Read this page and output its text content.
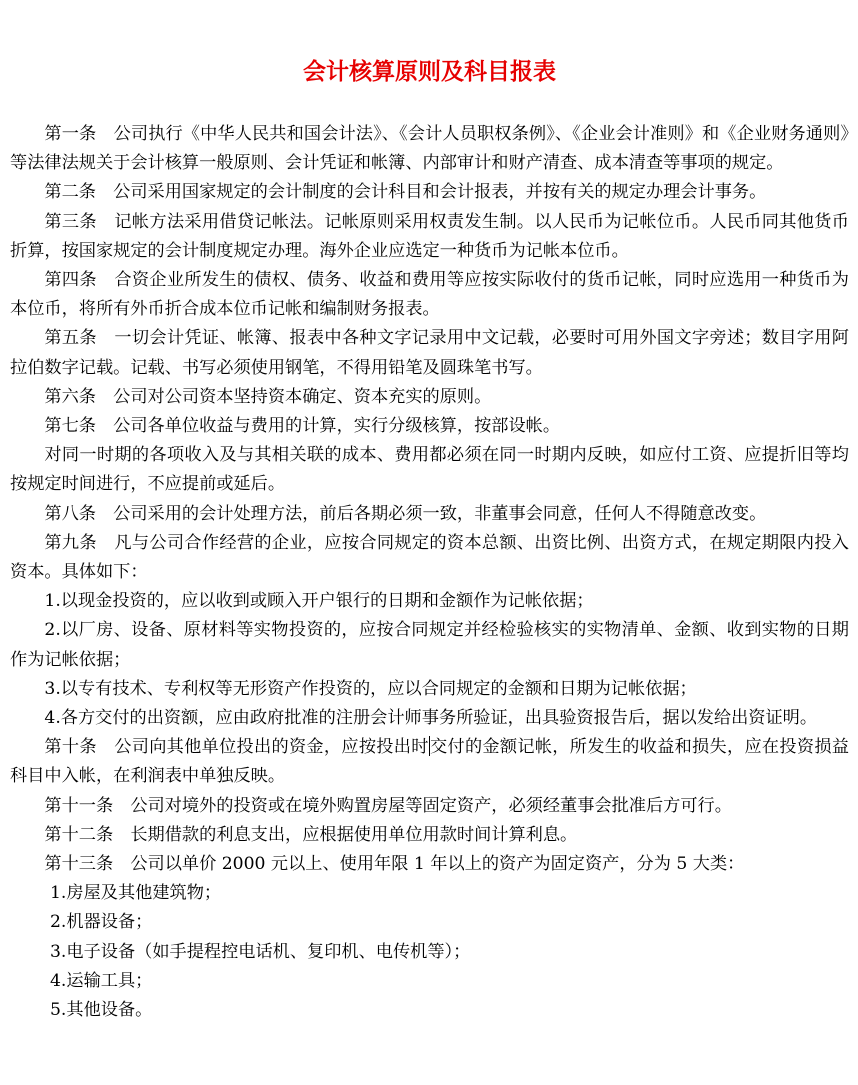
会计核算原则及科目报表

第一条　公司执行《中华人民共和国会计法》、《会计人员职权条例》、《企业会计准则》和《企业财务通则》等法律法规关于会计核算一般原则、会计凭证和帐簿、内部审计和财产清查、成本清查等事项的规定。

第二条　公司采用国家规定的会计制度的会计科目和会计报表，并按有关的规定办理会计事务。

第三条　记帐方法采用借贷记帐法。记帐原则采用权责发生制。以人民币为记帐位币。人民币同其他货币折算，按国家规定的会计制度规定办理。海外企业应选定一种货币为记帐本位币。

第四条　合资企业所发生的债权、债务、收益和费用等应按实际收付的货币记帐，同时应选用一种货币为本位币，将所有外币折合成本位币记帐和编制财务报表。

第五条　一切会计凭证、帐簿、报表中各种文字记录用中文记载，必要时可用外国文字旁述；数目字用阿拉伯数字记载。记载、书写必须使用钢笔，不得用铅笔及圆珠笔书写。

第六条　公司对公司资本坚持资本确定、资本充实的原则。

第七条　公司各单位收益与费用的计算，实行分级核算，按部设帐。

对同一时期的各项收入及与其相关联的成本、费用都必须在同一时期内反映，如应付工资、应提折旧等均按规定时间进行，不应提前或延后。

第八条　公司采用的会计处理方法，前后各期必须一致，非董事会同意，任何人不得随意改变。

第九条　凡与公司合作经营的企业，应按合同规定的资本总额、出资比例、出资方式，在规定期限内投入资本。具体如下：

1.以现金投资的，应以收到或顾入开户银行的日期和金额作为记帐依据；

2.以厂房、设备、原材料等实物投资的，应按合同规定并经检验核实的实物清单、金额、收到实物的日期作为记帐依据；

3.以专有技术、专利权等无形资产作投资的，应以合同规定的金额和日期为记帐依据；

4.各方交付的出资额，应由政府批准的注册会计师事务所验证，出具验资报告后，据以发给出资证明。

第十条　公司向其他单位投出的资金，应按投出时交付的金额记帐，所发生的收益和损失，应在投资损益科目中入帐，在利润表中单独反映。

第十一条　公司对境外的投资或在境外购置房屋等固定资产，必须经董事会批准后方可行。

第十二条　长期借款的利息支出，应根据使用单位用款时间计算利息。

第十三条　公司以单价 2000 元以上、使用年限 1 年以上的资产为固定资产，分为 5 大类：

1.房屋及其他建筑物；

2.机器设备；

3.电子设备（如手提程控电话机、复印机、电传机等）；

4.运输工具；

5.其他设备。
